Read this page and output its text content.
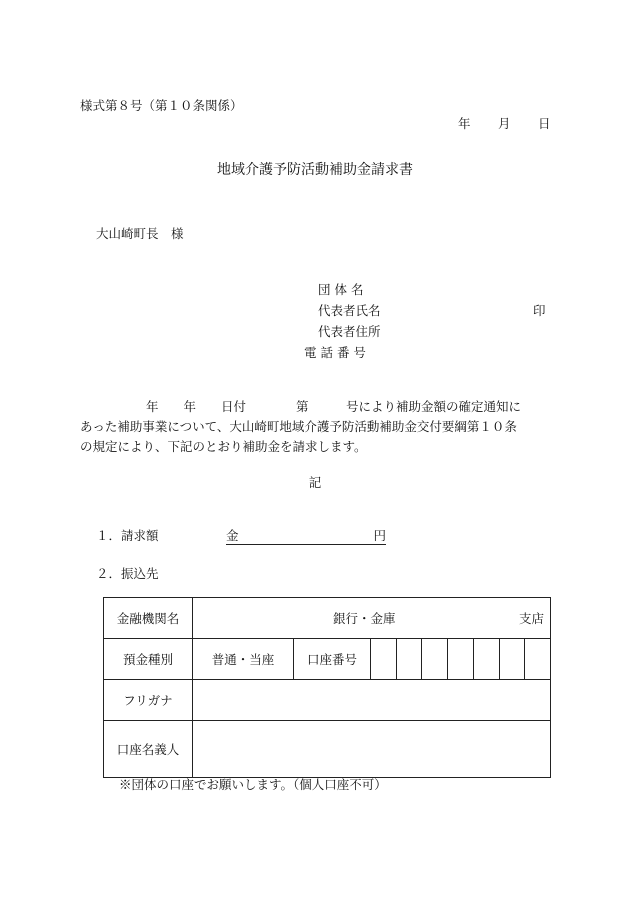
様式第８号（第１０条関係）
年 月 日
地域介護予防活動補助金請求書
大山崎町長　様
団 体 名
代表者氏名	印
代表者住所
電 話 番 号
年　　年　　日付　　　　第　　　号により補助金額の確定通知に
あった補助事業について、大山崎町地域介護予防活動補助金交付要綱第１０条
の規定により、下記のとおり補助金を請求します。
記
１．請求額	金	円
２．振込先
金融機関名	銀行・金庫 支店		

預金種別	普通・当座	口座番号	

フリガナ			
口座名義人			
※団体の口座でお願いします。（個人口座不可）
